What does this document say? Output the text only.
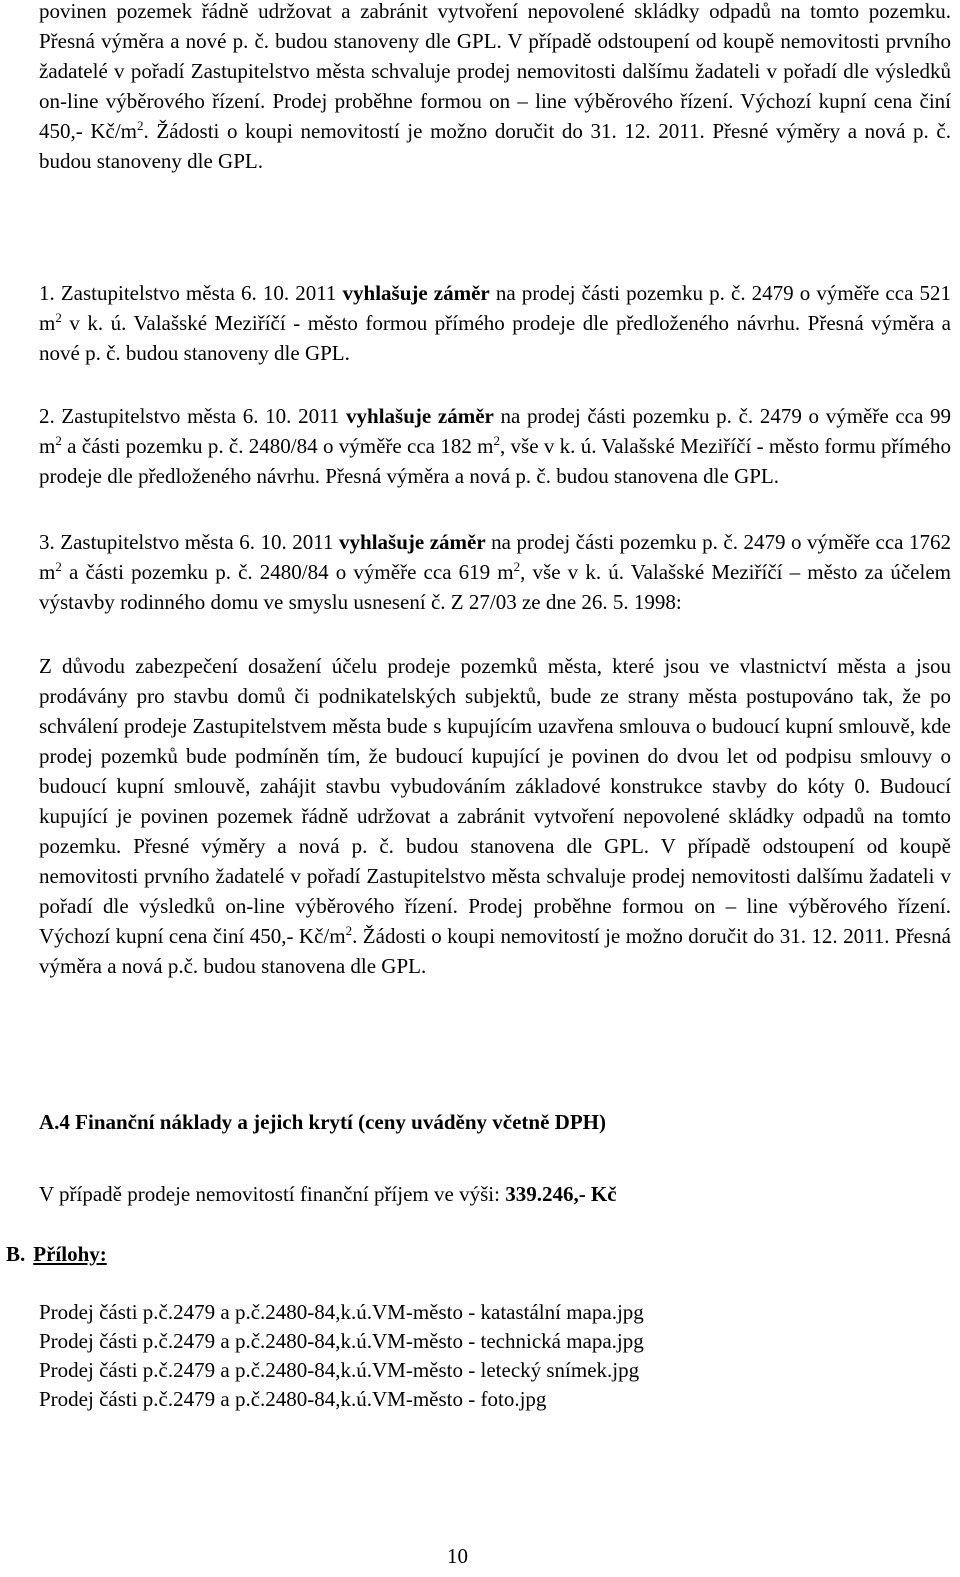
povinen pozemek řádně udržovat a zabránit vytvoření nepovolené skládky odpadů na tomto pozemku. Přesná výměra a nové p. č. budou stanoveny dle GPL. V případě odstoupení od koupě nemovitosti prvního žadatelé v pořadí Zastupitelstvo města schvaluje prodej nemovitosti dalšímu žadateli v pořadí dle výsledků on-line výběrového řízení. Prodej proběhne formou on – line výběrového řízení. Výchozí kupní cena činí 450,- $Kč/m^2$. Žádosti o koupi nemovitostí je možno doručit do 31. 12. 2011. Přesné výměry a nová p. č. budou stanoveny dle GPL.

1. Zastupitelstvo města 6. 10. 2011 vyhlašuje záměr na prodej části pozemku p. č. 2479 o výměře cca 521 $m^2$ v k. ú. Valašské Meziříčí - město formou přímého prodeje dle předloženého návrhu. Přesná výměra a nové p. č. budou stanoveny dle GPL.

2. Zastupitelstvo města 6. 10. 2011 vyhlašuje záměr na prodej části pozemku p. č. 2479 o výměře cca 99 $m^2$ a části pozemku p. č. 2480/84 o výměře cca 182 $m^2$, vše v k. ú. Valašské Meziříčí - město formu přímého prodeje dle předloženého návrhu. Přesná výměra a nová p. č. budou stanovena dle GPL.

3. Zastupitelstvo města 6. 10. 2011 vyhlašuje záměr na prodej části pozemku p. č. 2479 o výměře cca 1762 $m^2$ a části pozemku p. č. 2480/84 o výměře cca 619 $m^2$, vše v k. ú. Valašské Meziříčí – město za účelem výstavby rodinného domu ve smyslu usnesení č. Z 27/03 ze dne 26. 5. 1998:

Z důvodu zabezpečení dosažení účelu prodeje pozemků města, které jsou ve vlastnictví města a jsou prodávány pro stavbu domů či podnikatelských subjektů, bude ze strany města postupováno tak, že po schválení prodeje Zastupitelstvem města bude s kupujícím uzavřena smlouva o budoucí kupní smlouvě, kde prodej pozemků bude podmíněn tím, že budoucí kupující je povinen do dvou let od podpisu smlouvy o budoucí kupní smlouvě, zahájit stavbu vybudováním základové konstrukce stavby do kóty 0. Budoucí kupující je povinen pozemek řádně udržovat a zabránit vytvoření nepovolené skládky odpadů na tomto pozemku. Přesné výměry a nová p. č. budou stanovena dle GPL. V případě odstoupení od koupě nemovitosti prvního žadatelé v pořadí Zastupitelstvo města schvaluje prodej nemovitosti dalšímu žadateli v pořadí dle výsledků on-line výběrového řízení. Prodej proběhne formou on – line výběrového řízení. Výchozí kupní cena činí 450,- $Kč/m^2$. Žádosti o koupi nemovitostí je možno doručit do 31. 12. 2011. Přesná výměra a nová p.č. budou stanovena dle GPL.

A.4 Finanční náklady a jejich krytí (ceny uváděny včetně DPH)

V případě prodeje nemovitostí finanční příjem ve výši: 339.246,- Kč

B. Přílohy:

Prodej části p.č.2479 a p.č.2480-84,k.ú.VM-město - katastální mapa.jpg
Prodej části p.č.2479 a p.č.2480-84,k.ú.VM-město - technická mapa.jpg
Prodej části p.č.2479 a p.č.2480-84,k.ú.VM-město - letecký snímek.jpg
Prodej části p.č.2479 a p.č.2480-84,k.ú.VM-město - foto.jpg
10
